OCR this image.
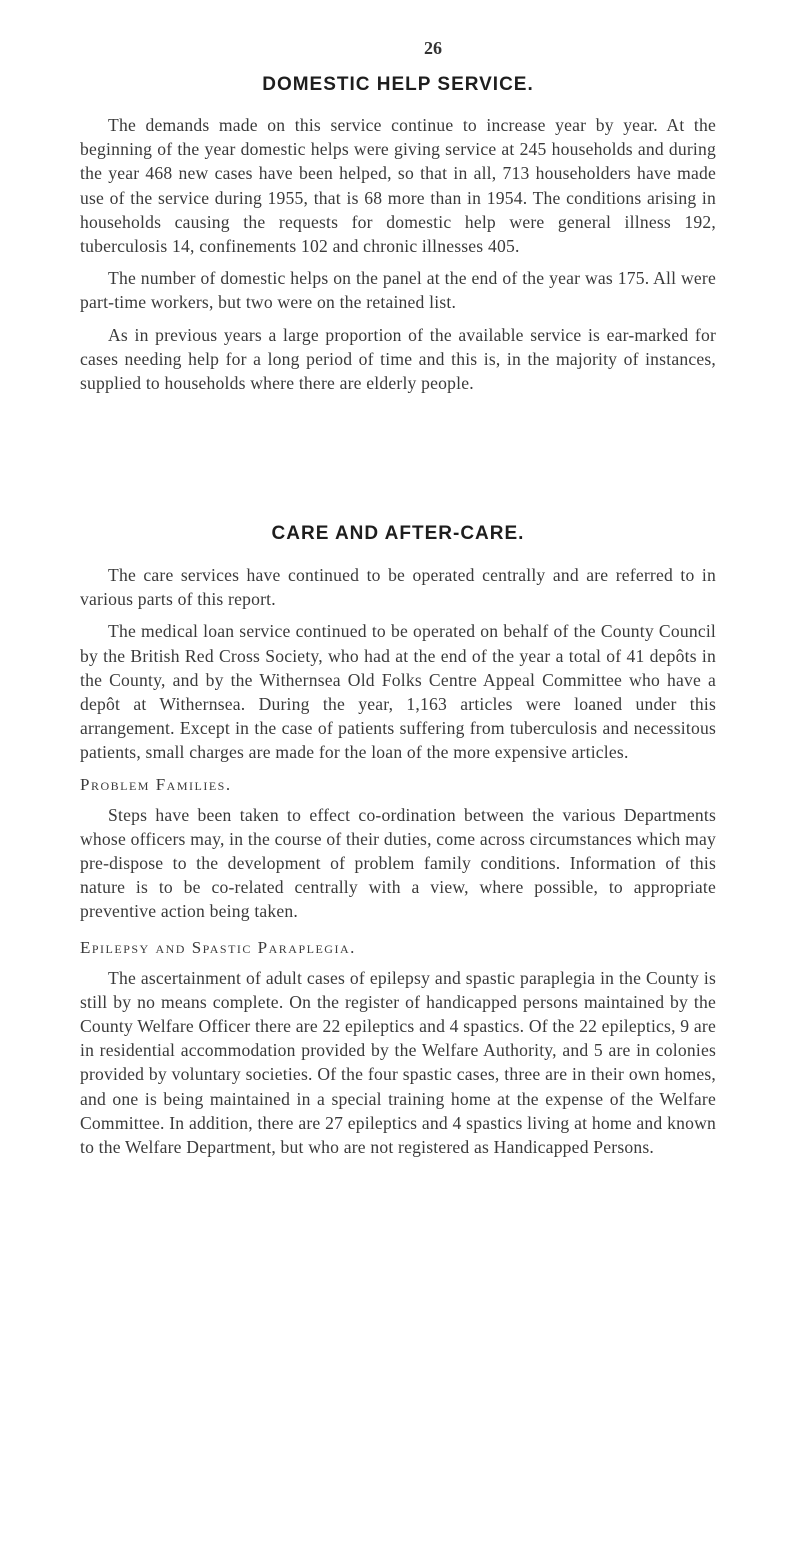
26
DOMESTIC HELP SERVICE.

The demands made on this service continue to increase year by year. At the beginning of the year domestic helps were giving service at 245 households and during the year 468 new cases have been helped, so that in all, 713 householders have made use of the service during 1955, that is 68 more than in 1954. The conditions arising in households causing the requests for domestic help were general illness 192, tuberculosis 14, confinements 102 and chronic illnesses 405.

The number of domestic helps on the panel at the end of the year was 175. All were part-time workers, but two were on the retained list.

As in previous years a large proportion of the available service is ear-marked for cases needing help for a long period of time and this is, in the majority of instances, supplied to households where there are elderly people.

CARE AND AFTER-CARE.

The care services have continued to be operated centrally and are referred to in various parts of this report.

The medical loan service continued to be operated on behalf of the County Council by the British Red Cross Society, who had at the end of the year a total of 41 depôts in the County, and by the Withernsea Old Folks Centre Appeal Committee who have a depôt at Withernsea. During the year, 1,163 articles were loaned under this arrangement. Except in the case of patients suffering from tuberculosis and necessitous patients, small charges are made for the loan of the more expensive articles.

Problem Families.

Steps have been taken to effect co-ordination between the various Departments whose officers may, in the course of their duties, come across circumstances which may pre-dispose to the development of problem family conditions. Information of this nature is to be co-related centrally with a view, where possible, to appropriate preventive action being taken.

Epilepsy and Spastic Paraplegia.

The ascertainment of adult cases of epilepsy and spastic paraplegia in the County is still by no means complete. On the register of handicapped persons maintained by the County Welfare Officer there are 22 epileptics and 4 spastics. Of the 22 epileptics, 9 are in residential accommodation provided by the Welfare Authority, and 5 are in colonies provided by voluntary societies. Of the four spastic cases, three are in their own homes, and one is being maintained in a special training home at the expense of the Welfare Committee. In addition, there are 27 epileptics and 4 spastics living at home and known to the Welfare Department, but who are not registered as Handicapped Persons.
